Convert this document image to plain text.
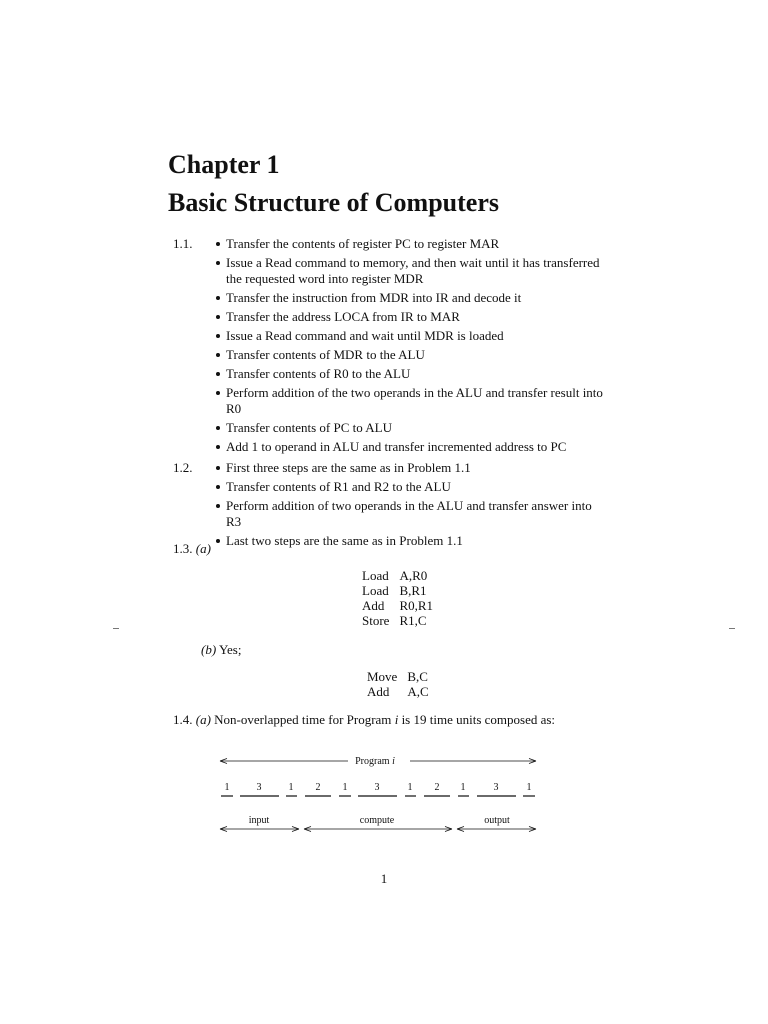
Chapter 1
Basic Structure of Computers
1.1.	Transfer the contents of register PC to register MAR
Issue a Read command to memory, and then wait until it has transferred the requested word into register MDR
Transfer the instruction from MDR into IR and decode it
Transfer the address LOCA from IR to MAR
Issue a Read command and wait until MDR is loaded
Transfer contents of MDR to the ALU
Transfer contents of R0 to the ALU
Perform addition of the two operands in the ALU and transfer result into R0
Transfer contents of PC to ALU
Add 1 to operand in ALU and transfer incremented address to PC
1.2.	First three steps are the same as in Problem 1.1
Transfer contents of R1 and R2 to the ALU
Perform addition of two operands in the ALU and transfer answer into R3
Last two steps are the same as in Problem 1.1
1.3. (a)
Load	A,R0
Load	B,R1
Add	R0,R1
Store	R1,C
(b) Yes;
Move	B,C
Add	A,C
1.4. (a) Non-overlapped time for Program i is 19 time units composed as:
Program i
1	3	1 2 1	3	1 2 1	3	1
input	compute	output
1
